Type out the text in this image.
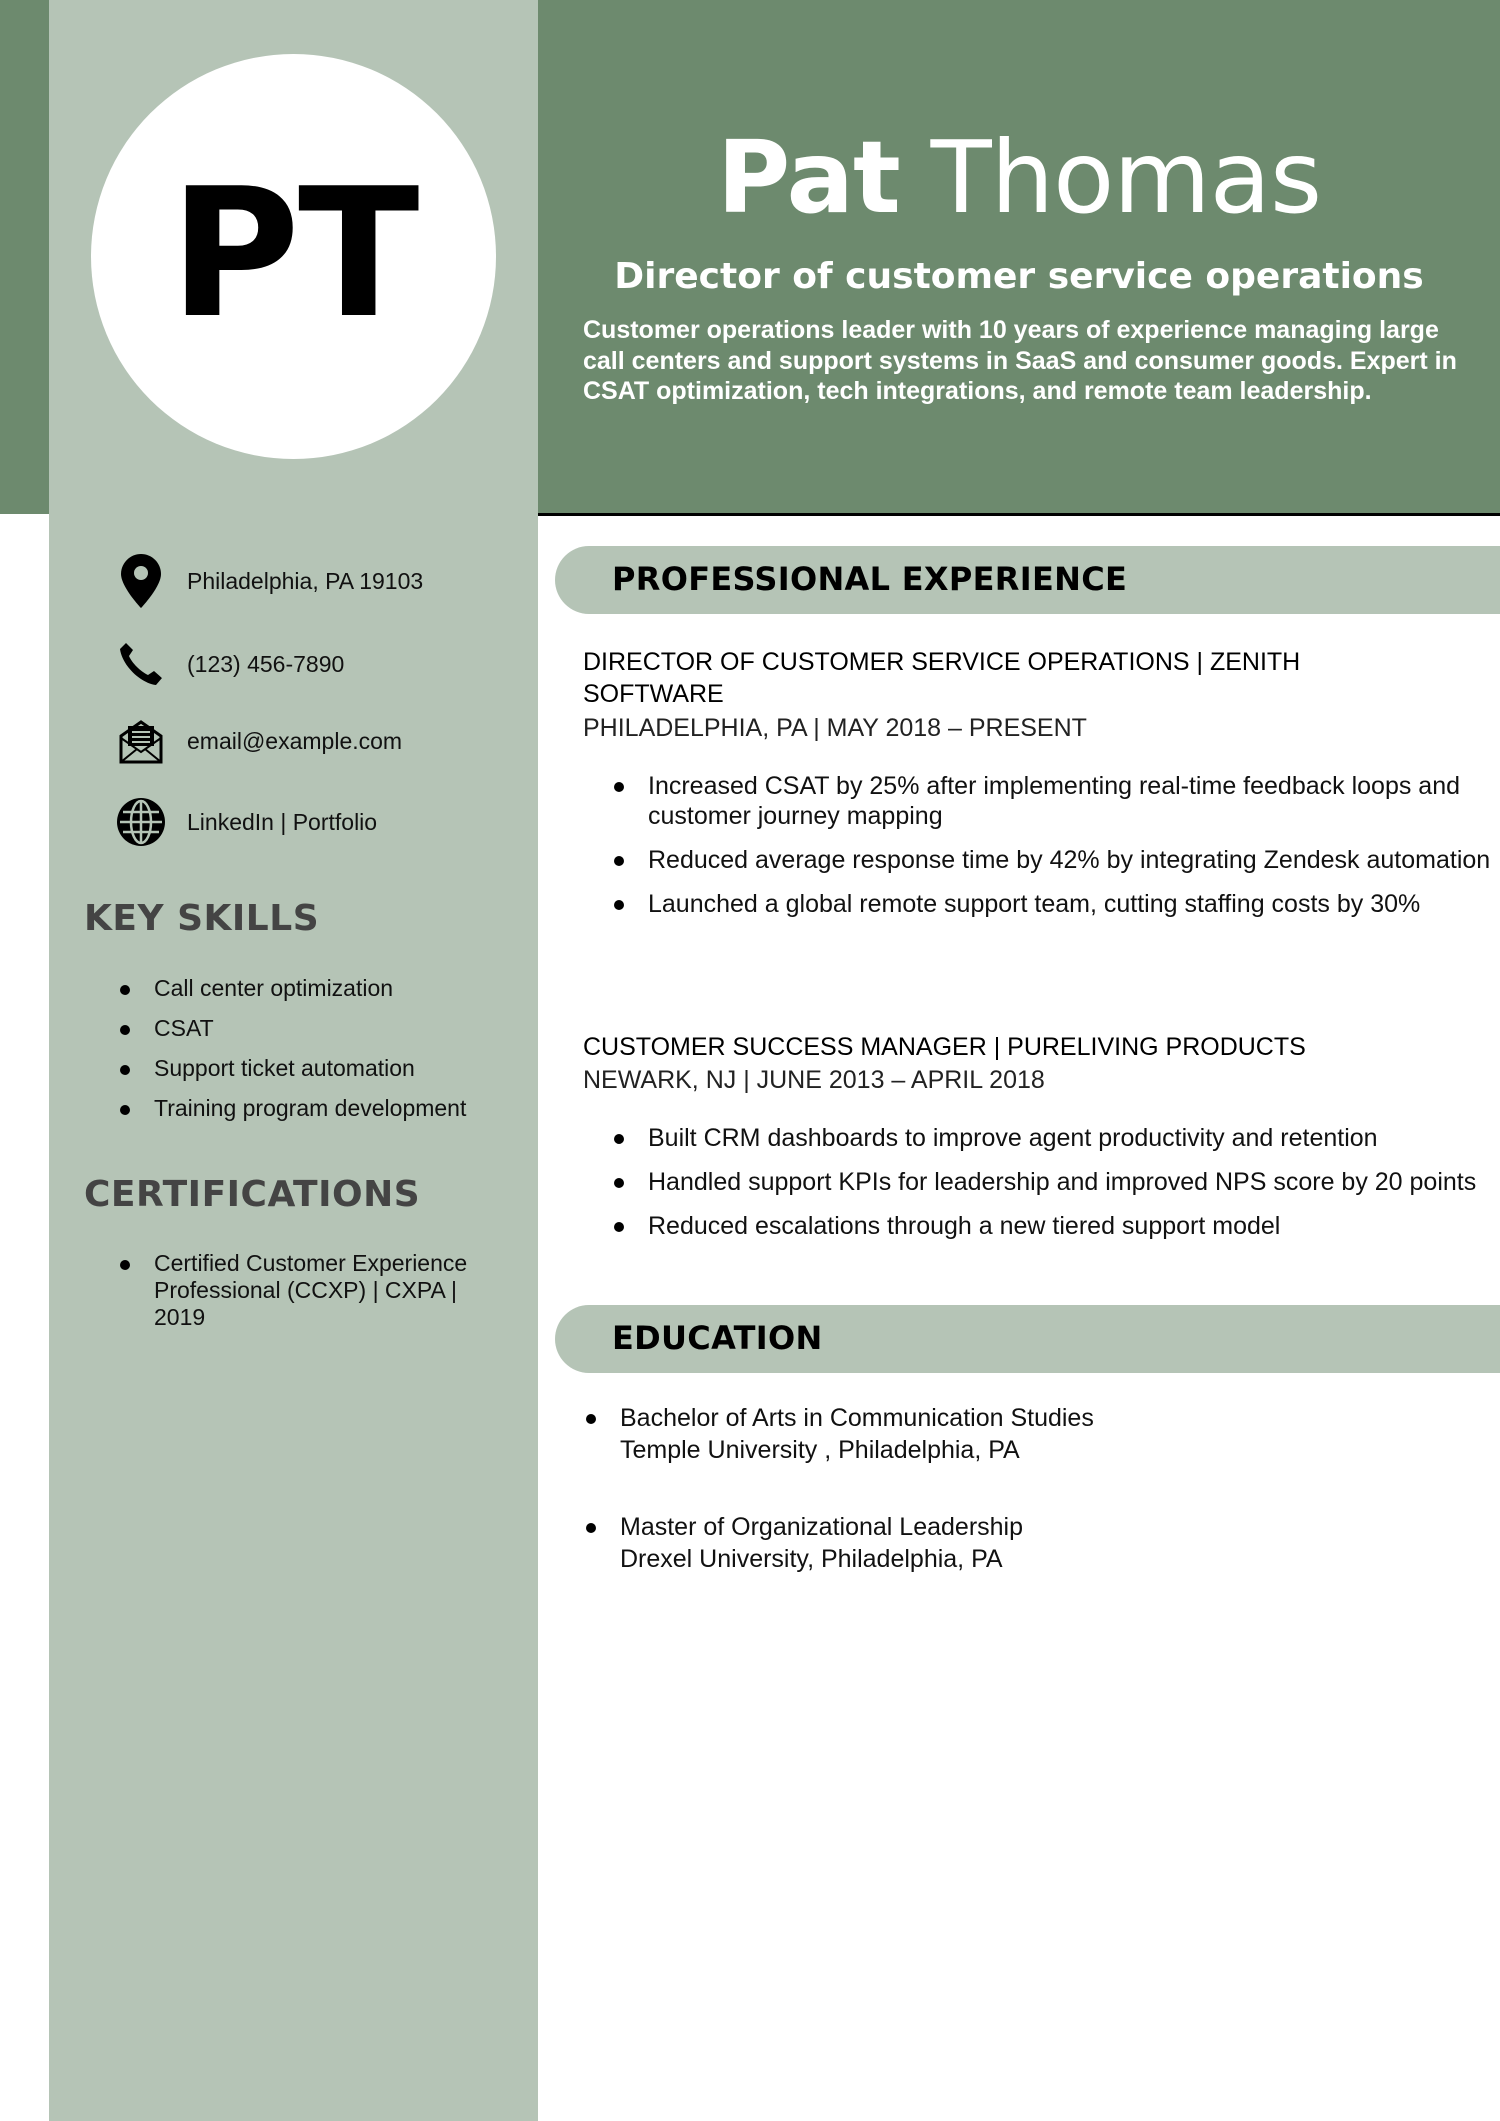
PT	Pat Thomas
Director of customer service operations
Customer operations leader with 10 years of experience managing large call centers and support systems in SaaS and consumer goods. Expert in CSAT optimization, tech integrations, and remote team leadership.
Philadelphia, PA 19103
(123) 456-7890
email@example.com
LinkedIn | Portfolio
KEY SKILLS
Call center optimization
CSAT
Support ticket automation
Training program development
CERTIFICATIONS
Certified Customer Experience Professional (CCXP) | CXPA | 2019
PROFESSIONAL EXPERIENCE
DIRECTOR OF CUSTOMER SERVICE OPERATIONS | ZENITH SOFTWARE
PHILADELPHIA, PA | MAY 2018 – PRESENT
Increased CSAT by 25% after implementing real-time feedback loops and customer journey mapping
Reduced average response time by 42% by integrating Zendesk automation
Launched a global remote support team, cutting staffing costs by 30%
CUSTOMER SUCCESS MANAGER | PURELIVING PRODUCTS
NEWARK, NJ | JUNE 2013 – APRIL 2018
Built CRM dashboards to improve agent productivity and retention
Handled support KPIs for leadership and improved NPS score by 20 points
Reduced escalations through a new tiered support model
EDUCATION
Bachelor of Arts in Communication Studies
Temple University , Philadelphia, PA
Master of Organizational Leadership
Drexel University, Philadelphia, PA
